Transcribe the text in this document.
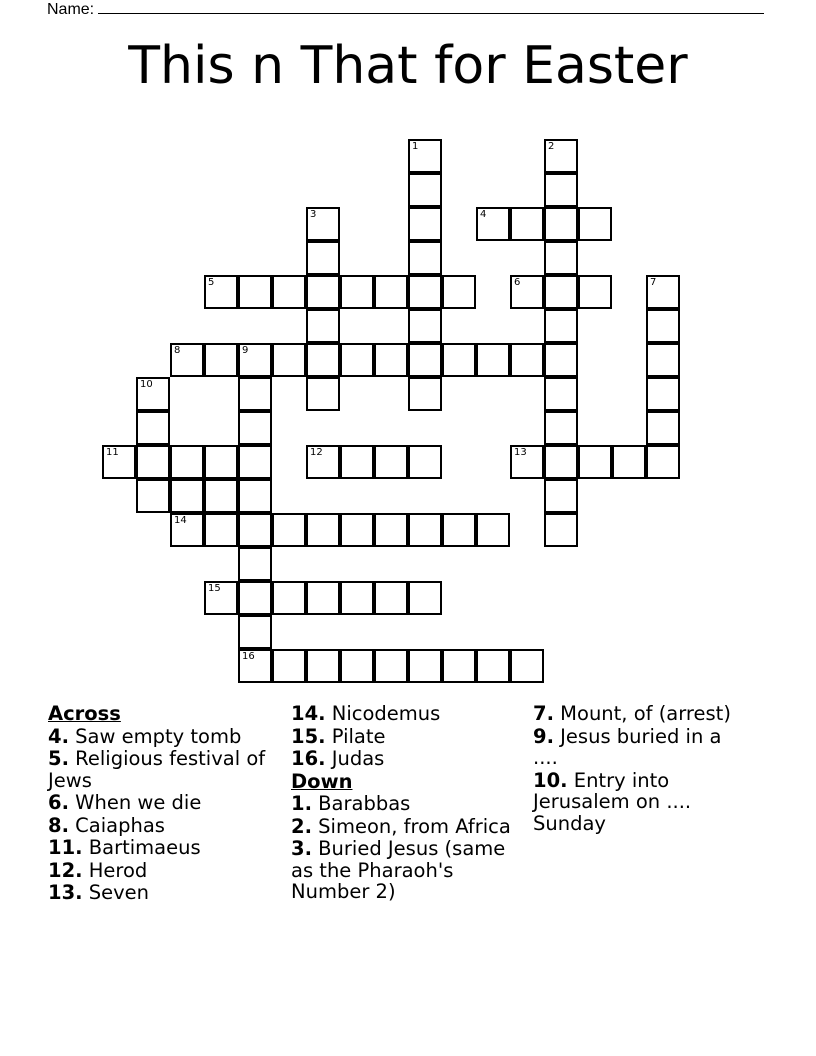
Name:
This n That for Easter
1	2
3	4
5	6	7
8	9
10
16
11	12	13
14
15
Across
4. Saw empty tomb
5. Religious festival of Jews
6. When we die
8. Caiaphas
11. Bartimaeus
12. Herod
13. Seven
14. Nicodemus
15. Pilate
16. Judas
Down
1. Barabbas
2. Simeon, from Africa
3. Buried Jesus (same as the Pharaoh's Number 2)
7. Mount, of (arrest)
9. Jesus buried in a ....
10. Entry into Jerusalem on .... Sunday
